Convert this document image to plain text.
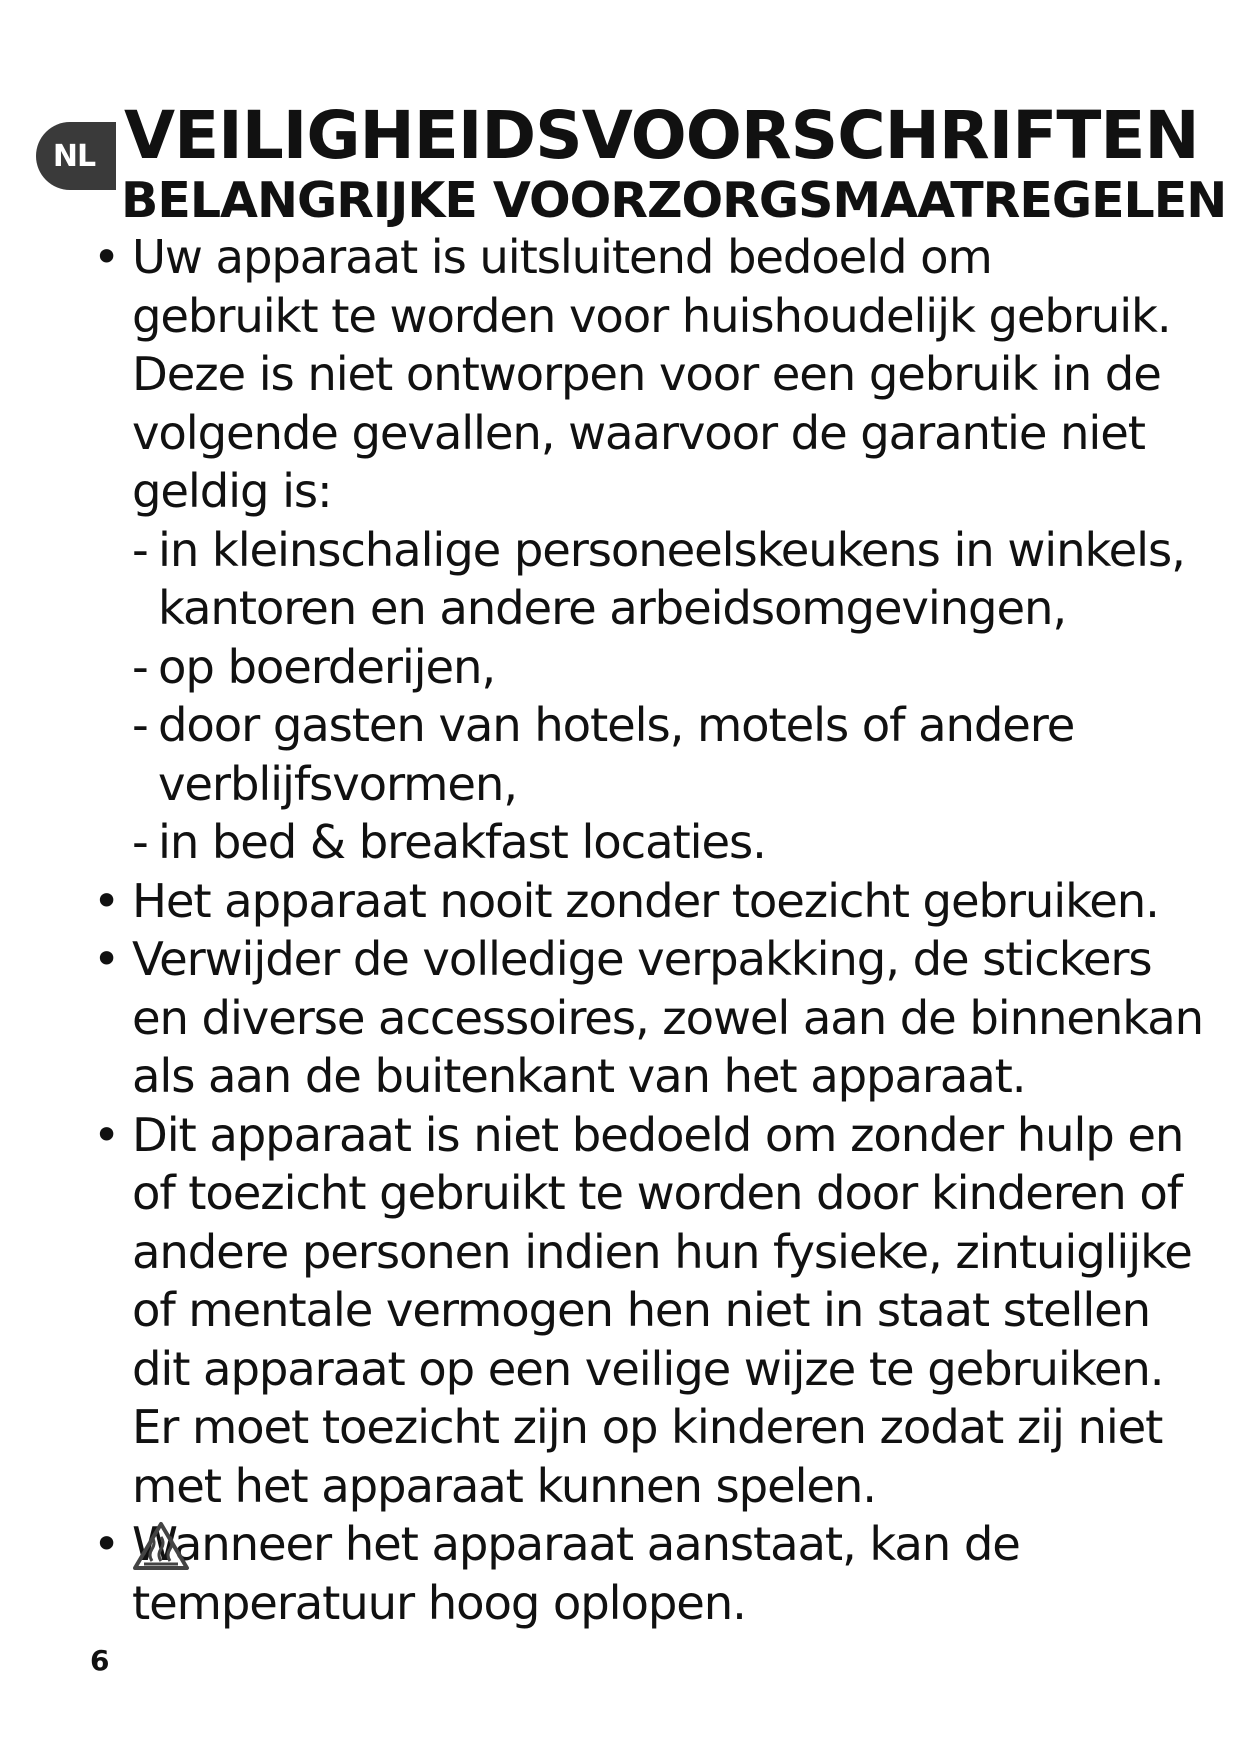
NL VEILIGHEIDSVOORSCHRIFTEN
BELANGRIJKE VOORZORGSMAATREGELEN
• Uw apparaat is uitsluitend bedoeld om
gebruikt te worden voor huishoudelijk gebruik.
Deze is niet ontworpen voor een gebruik in de
volgende gevallen, waarvoor de garantie niet
geldig is:
- in kleinschalige personeelskeukens in winkels,
kantoren en andere arbeidsomgevingen,
- op boerderijen,
- door gasten van hotels, motels of andere
verblijfsvormen,
- in bed & breakfast locaties.
• Het apparaat nooit zonder toezicht gebruiken.
• Verwijder de volledige verpakking, de stickers
en diverse accessoires, zowel aan de binnenkan
als aan de buitenkant van het apparaat.
• Dit apparaat is niet bedoeld om zonder hulp en
of toezicht gebruikt te worden door kinderen of
andere personen indien hun fysieke, zintuiglijke
of mentale vermogen hen niet in staat stellen
dit apparaat op een veilige wijze te gebruiken.
Er moet toezicht zijn op kinderen zodat zij niet
met het apparaat kunnen spelen.
• Wanneer het apparaat aanstaat, kan de
temperatuur hoog oplopen.
6
